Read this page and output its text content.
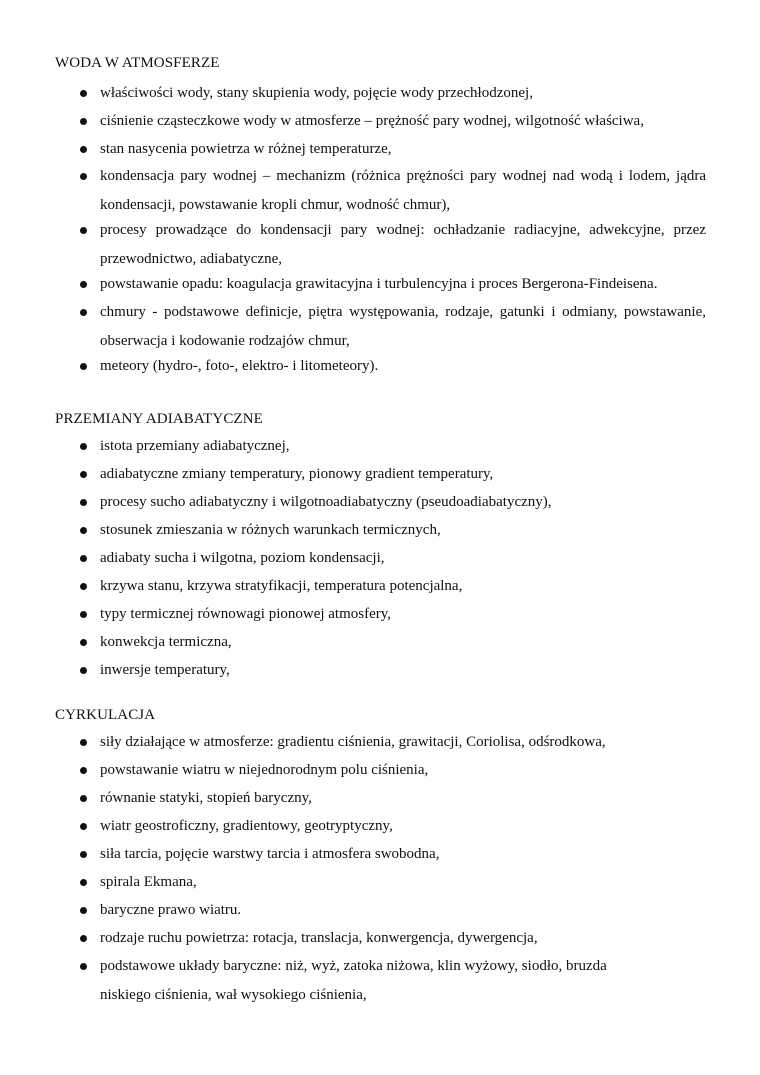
WODA W ATMOSFERZE
właściwości wody, stany skupienia wody, pojęcie wody przechłodzonej,
ciśnienie cząsteczkowe wody w atmosferze – prężność pary wodnej, wilgotność właściwa,
stan nasycenia powietrza w różnej temperaturze,
kondensacja pary wodnej – mechanizm (różnica prężności pary wodnej nad wodą i lodem, jądra kondensacji, powstawanie kropli chmur, wodność chmur),
procesy prowadzące do kondensacji pary wodnej: ochładzanie radiacyjne, adwekcyjne, przez przewodnictwo, adiabatyczne,
powstawanie opadu: koagulacja grawitacyjna i turbulencyjna i proces Bergerona-Findeisena.
chmury - podstawowe definicje, piętra występowania, rodzaje, gatunki i odmiany, powstawanie, obserwacja i kodowanie rodzajów chmur,
meteory (hydro-, foto-, elektro- i litometeory).
PRZEMIANY ADIABATYCZNE
istota przemiany adiabatycznej,
adiabatyczne zmiany temperatury, pionowy gradient temperatury,
procesy sucho adiabatyczny i wilgotnoadiabatyczny (pseudoadiabatyczny),
stosunek zmieszania w różnych warunkach termicznych,
adiabaty sucha i wilgotna, poziom kondensacji,
krzywa stanu, krzywa stratyfikacji, temperatura potencjalna,
typy termicznej równowagi pionowej atmosfery,
konwekcja termiczna,
inwersje temperatury,
CYRKULACJA
siły działające w atmosferze: gradientu ciśnienia, grawitacji, Coriolisa, odśrodkowa,
powstawanie wiatru w niejednorodnym polu ciśnienia,
równanie statyki, stopień baryczny,
wiatr geostroficzny, gradientowy, geotryptyczny,
siła tarcia, pojęcie warstwy tarcia i atmosfera swobodna,
spirala Ekmana,
baryczne prawo wiatru.
rodzaje ruchu powietrza: rotacja, translacja, konwergencja, dywergencja,
podstawowe układy baryczne: niż, wyż, zatoka niżowa, klin wyżowy, siodło, bruzda niskiego ciśnienia, wał wysokiego ciśnienia,
